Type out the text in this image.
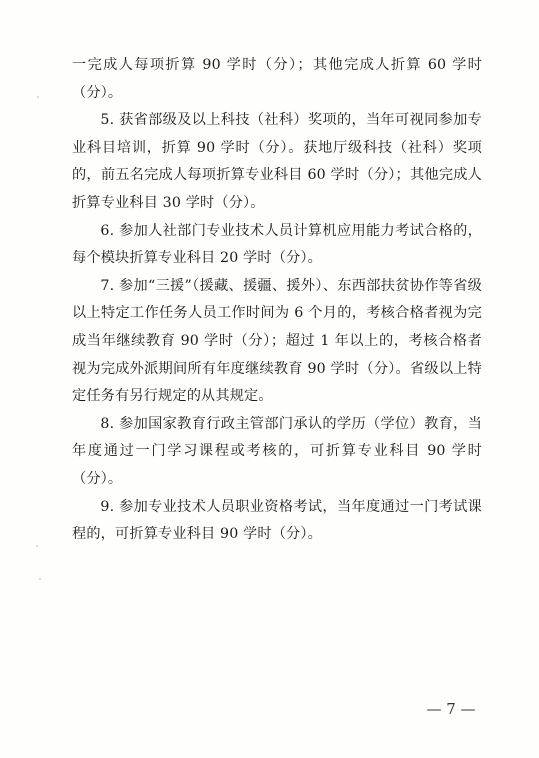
一完成人每项折算 90 学时（分）；其他完成人折算 60 学时（分）。

5. 获省部级及以上科技（社科）奖项的，当年可视同参加专业科目培训，折算 90 学时（分）。获地厅级科技（社科）奖项的，前五名完成人每项折算专业科目 60 学时（分）；其他完成人折算专业科目 30 学时（分）。

6. 参加人社部门专业技术人员计算机应用能力考试合格的，每个模块折算专业科目 20 学时（分）。

7. 参加“三援”（援藏、援疆、援外）、东西部扶贫协作等省级以上特定工作任务人员工作时间为 6 个月的，考核合格者视为完成当年继续教育 90 学时（分）；超过 1 年以上的，考核合格者视为完成外派期间所有年度继续教育 90 学时（分）。省级以上特定任务有另行规定的从其规定。

8. 参加国家教育行政主管部门承认的学历（学位）教育，当年度通过一门学习课程或考核的，可折算专业科目 90 学时（分）。

9. 参加专业技术人员职业资格考试，当年度通过一门考试课程的，可折算专业科目 90 学时（分）。

— 7 —
